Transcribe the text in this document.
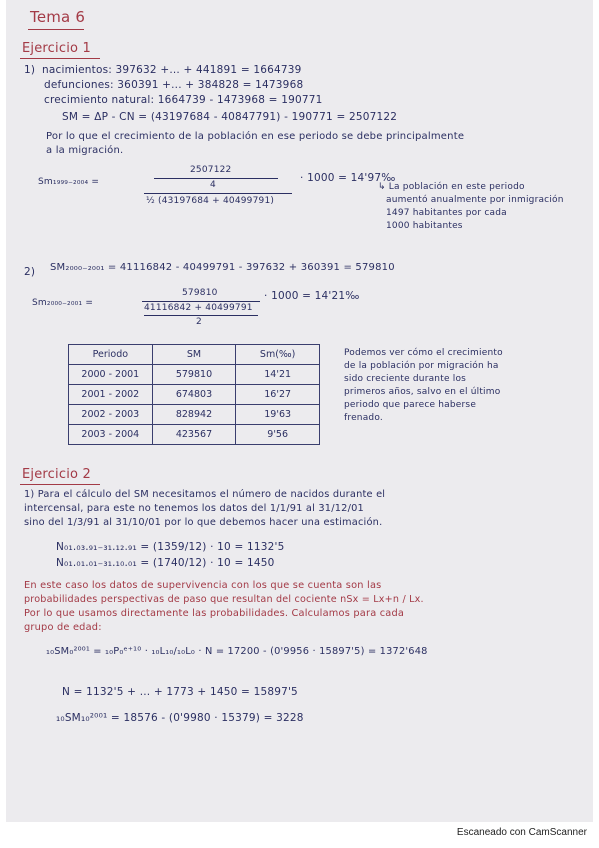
Tema 6
Ejercicio 1
1) nacimientos: 397632 +... + 441891 = 1664739
defunciones: 360391 +... + 384828 = 1473968
crecimiento natural: 1664739 - 1473968 = 190771
SM = ΔP - CN = (43197684 - 40847791) - 190771 = 2507122
Por lo que el crecimiento de la población en ese periodo se debe principalmente
a la migración.
Sm₁₉₉₉₋₂₀₀₄ =
2507122
4
½ (43197684 + 40499791)
· 1000 = 14'97‰
↳ La población en este periodo
aumentó anualmente por inmigración
1497 habitantes por cada
1000 habitantes
2) SM₂₀₀₀₋₂₀₀₁ = 41116842 - 40499791 - 397632 + 360391 = 579810
Sm₂₀₀₀₋₂₀₀₁ =
579810
41116842 + 40499791
2
· 1000 = 14'21‰
Periodo	SM	Sm(‰)
2000 - 2001	579810	14'21
2001 - 2002	674803	16'27
2002 - 2003	828942	19'63
2003 - 2004	423567	9'56
Podemos ver cómo el crecimiento
de la población por migración ha
sido creciente durante los
primeros años, salvo en el último
periodo que parece haberse
frenado.
Ejercicio 2
1) Para el cálculo del SM necesitamos el número de nacidos durante el
intercensal, para este no tenemos los datos del 1/1/91 al 31/12/01
sino del 1/3/91 al 31/10/01 por lo que debemos hacer una estimación.
N₀₁.₀₃.₉₁₋₃₁.₁₂.₉₁ = (1359/12) · 10 = 1132'5
N₀₁.₀₁.₀₁₋₃₁.₁₀.₀₁ = (1740/12) · 10 = 1450
En este caso los datos de supervivencia con los que se cuenta son las
probabilidades perspectivas de paso que resultan del cociente nSx = Lx+n / Lx.
Por lo que usamos directamente las probabilidades. Calculamos para cada
grupo de edad:
₁₀SM₀²⁰⁰¹ = ₁₀P₀ᵉ⁺¹⁰ · ₁₀L₁₀/₁₀L₀ · N = 17200 - (0'9956 · 15897'5) = 1372'648
N = 1132'5 + ... + 1773 + 1450 = 15897'5
₁₀SM₁₀²⁰⁰¹ = 18576 - (0'9980 · 15379) = 3228
Escaneado con CamScanner
